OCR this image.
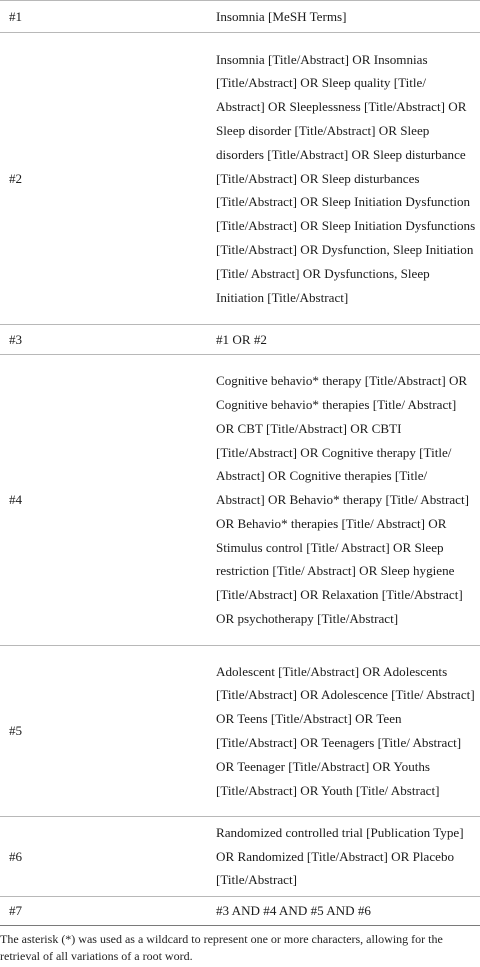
#1	Insomnia [MeSH Terms]
#2	Insomnia [Title/Abstract] OR Insomnias [Title/Abstract] OR Sleep quality [Title/ Abstract] OR Sleeplessness [Title/Abstract] OR Sleep disorder [Title/Abstract] OR Sleep disorders [Title/Abstract] OR Sleep disturbance [Title/Abstract] OR Sleep disturbances [Title/Abstract] OR Sleep Initiation Dysfunction [Title/Abstract] OR Sleep Initiation Dysfunctions [Title/Abstract] OR Dysfunction, Sleep Initiation [Title/ Abstract] OR Dysfunctions, Sleep Initiation [Title/Abstract]
#3	#1 OR #2
#4	Cognitive behavio* therapy [Title/Abstract] OR Cognitive behavio* therapies [Title/ Abstract] OR CBT [Title/Abstract] OR CBTI [Title/Abstract] OR Cognitive therapy [Title/ Abstract] OR Cognitive therapies [Title/ Abstract] OR Behavio* therapy [Title/ Abstract] OR Behavio* therapies [Title/ Abstract] OR Stimulus control [Title/ Abstract] OR Sleep restriction [Title/ Abstract] OR Sleep hygiene [Title/Abstract] OR Relaxation [Title/Abstract] OR psychotherapy [Title/Abstract]
#5	Adolescent [Title/Abstract] OR Adolescents [Title/Abstract] OR Adolescence [Title/ Abstract] OR Teens [Title/Abstract] OR Teen [Title/Abstract] OR Teenagers [Title/ Abstract] OR Teenager [Title/Abstract] OR Youths [Title/Abstract] OR Youth [Title/ Abstract]
#6	Randomized controlled trial [Publication Type] OR Randomized [Title/Abstract] OR Placebo [Title/Abstract]
#7	#3 AND #4 AND #5 AND #6
The asterisk (*) was used as a wildcard to represent one or more characters, allowing for the retrieval of all variations of a root word.
